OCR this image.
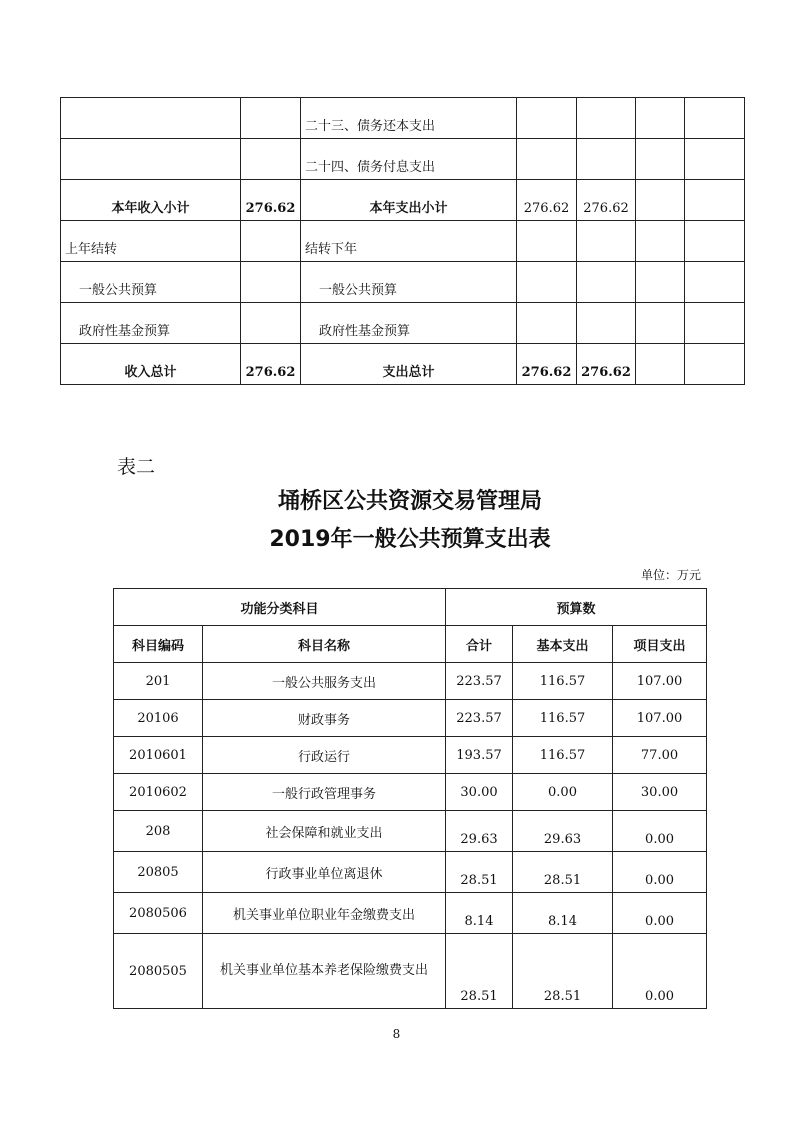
		二十三、债务还本支出				
		二十四、债务付息支出				
本年收入小计	276.62	本年支出小计	276.62	276.62		
上年结转		结转下年				
一般公共预算		一般公共预算				
政府性基金预算		政府性基金预算				
收入总计	276.62	支出总计	276.62	276.62		
表二
埇桥区公共资源交易管理局
2019年一般公共预算支出表
单位：万元
功能分类科目		预算数		
科目编码	科目名称	合计	基本支出	项目支出
201	一般公共服务支出	223.57	116.57	107.00
20106	财政事务	223.57	116.57	107.00
2010601	行政运行	193.57	116.57	77.00
2010602	一般行政管理事务	30.00	0.00	30.00
208	社会保障和就业支出	29.63	29.63	0.00
20805	行政事业单位离退休	28.51	28.51	0.00
2080506	机关事业单位职业年金缴费支出	8.14	8.14	0.00
2080505	机关事业单位基本养老保险缴费支出	28.51	28.51	0.00
8
